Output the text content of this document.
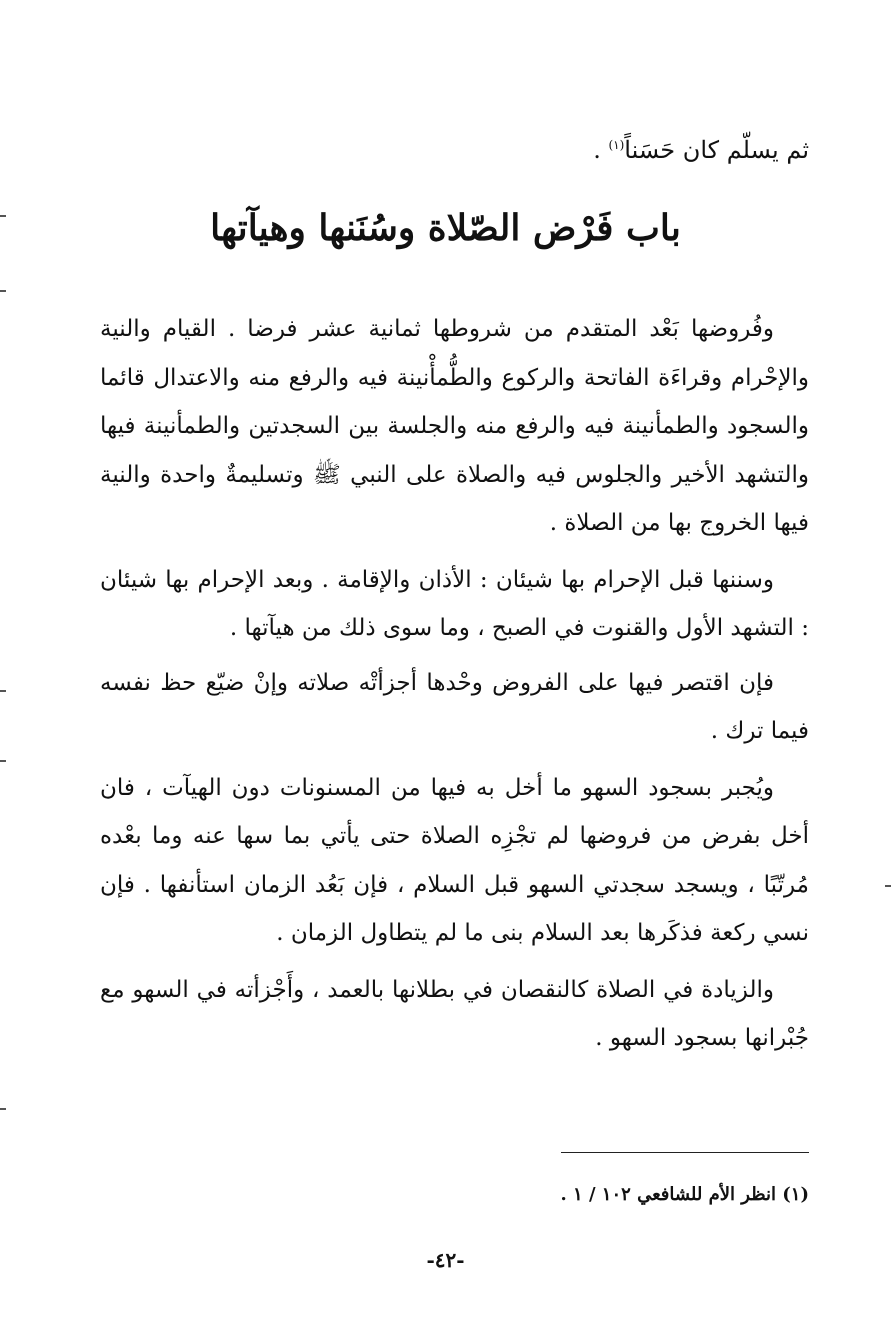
ثم يسلّم كان حَسَناً$^{(١)}$ .
باب فَرْض الصّلاة وسُنَنها وهيآتها

وفُروضها بَعْد المتقدم من شروطها ثمانية عشر فرضا . القيام والنية والإحْرام وقراءَة الفاتحة والركوع والطُّمأْنينة فيه والرفع منه والاعتدال قائما والسجود والطمأنينة فيه والرفع منه والجلسة بين السجدتين والطمأنينة فيها والتشهد الأخير والجلوس فيه والصلاة على النبي ﷺ وتسليمةٌ واحدة والنية فيها الخروج بها من الصلاة .

وسننها قبل الإحرام بها شيئان : الأذان والإقامة . وبعد الإحرام بها شيئان : التشهد الأول والقنوت في الصبح ، وما سوى ذلك من هيآتها .

فإن اقتصر فيها على الفروض وحْدها أجزأتْه صلاته وإنْ ضيّع حظ نفسه فيما ترك .

ويُجبر بسجود السهو ما أخل به فيها من المسنونات دون الهيآت ، فان أخل بفرض من فروضها لم تجْزِه الصلاة حتى يأتي بما سها عنه وما بعْده مُرتّبًا ، ويسجد سجدتي السهو قبل السلام ، فإن بَعُد الزمان استأنفها . فإن نسي ركعة فذكَرها بعد السلام بنى ما لم يتطاول الزمان .

والزيادة في الصلاة كالنقصان في بطلانها بالعمد ، وأَجْزأته في السهو مع جُبْرانها بسجود السهو .

(١) انظر الأم للشافعي ١٠٢ / ١ .
-٤٢-
